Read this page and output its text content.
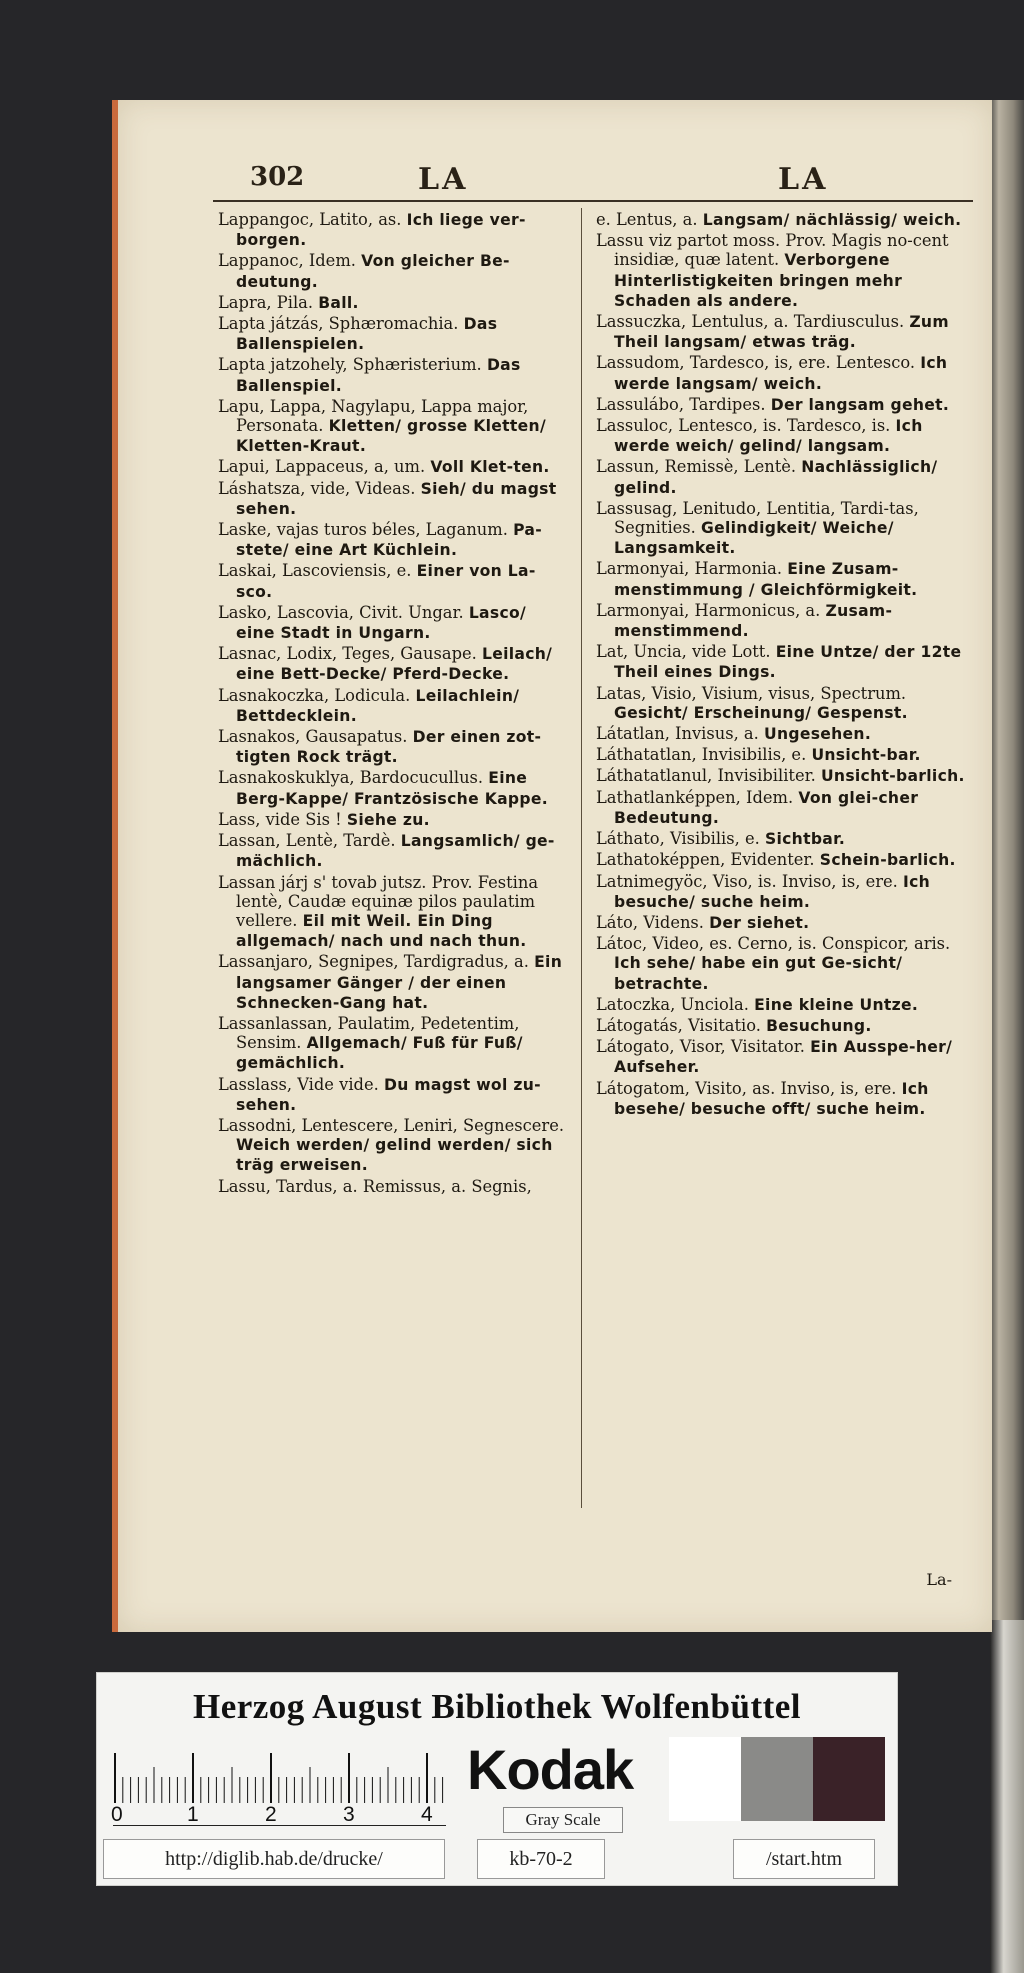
302	LA	LA
Lappangoc, Latito, as. Ich liege ver-borgen.
Lappanoc, Idem. Von gleicher Be-deutung.
Lapra, Pila. Ball.
Lapta játzás, Sphæromachia. Das Ballenspielen.
Lapta jatzohely, Sphæristerium. Das Ballenspiel.
Lapu, Lappa, Nagylapu, Lappa major, Personata. Kletten/ grosse Kletten/ Kletten-Kraut.
Lapui, Lappaceus, a, um. Voll Klet-ten.
Láshatsza, vide, Videas. Sieh/ du magst sehen.
Laske, vajas turos béles, Laganum. Pa-stete/ eine Art Küchlein.
Laskai, Lascoviensis, e. Einer von La-sco.
Lasko, Lascovia, Civit. Ungar. Lasco/ eine Stadt in Ungarn.
Lasnac, Lodix, Teges, Gausape. Leilach/ eine Bett-Decke/ Pferd-Decke.
Lasnakoczka, Lodicula. Leilachlein/ Bettdecklein.
Lasnakos, Gausapatus. Der einen zot-tigten Rock trägt.
Lasnakoskuklya, Bardocucullus. Eine Berg-Kappe/ Frantzösische Kappe.
Lass, vide Sis ! Siehe zu.
Lassan, Lentè, Tardè. Langsamlich/ ge-mächlich.
Lassan járj s' tovab jutsz. Prov. Festina lentè, Caudæ equinæ pilos paulatim vellere. Eil mit Weil. Ein Ding allgemach/ nach und nach thun.
Lassanjaro, Segnipes, Tardigradus, a. Ein langsamer Gänger / der einen Schnecken-Gang hat.
Lassanlassan, Paulatim, Pedetentim, Sensim. Allgemach/ Fuß für Fuß/ gemächlich.
Lasslass, Vide vide. Du magst wol zu-sehen.
Lassodni, Lentescere, Leniri, Segnescere. Weich werden/ gelind werden/ sich träg erweisen.
Lassu, Tardus, a. Remissus, a. Segnis,
e. Lentus, a. Langsam/ nächlässig/ weich.
Lassu viz partot moss. Prov. Magis no-cent insidiæ, quæ latent. Verborgene Hinterlistigkeiten bringen mehr Schaden als andere.
Lassuczka, Lentulus, a. Tardiusculus. Zum Theil langsam/ etwas träg.
Lassudom, Tardesco, is, ere. Lentesco. Ich werde langsam/ weich.
Lassulábo, Tardipes. Der langsam gehet.
Lassuloc, Lentesco, is. Tardesco, is. Ich werde weich/ gelind/ langsam.
Lassun, Remissè, Lentè. Nachlässiglich/ gelind.
Lassusag, Lenitudo, Lentitia, Tardi-tas, Segnities. Gelindigkeit/ Weiche/ Langsamkeit.
Larmonyai, Harmonia. Eine Zusam-menstimmung / Gleichförmigkeit.
Larmonyai, Harmonicus, a. Zusam-menstimmend.
Lat, Uncia, vide Lott. Eine Untze/ der 12te Theil eines Dings.
Latas, Visio, Visium, visus, Spectrum. Gesicht/ Erscheinung/ Gespenst.
Látatlan, Invisus, a. Ungesehen.
Láthatatlan, Invisibilis, e. Unsicht-bar.
Láthatatlanul, Invisibiliter. Unsicht-barlich.
Lathatlanképpen, Idem. Von glei-cher Bedeutung.
Láthato, Visibilis, e. Sichtbar.
Lathatoképpen, Evidenter. Schein-barlich.
Latnimegyöc, Viso, is. Inviso, is, ere. Ich besuche/ suche heim.
Láto, Videns. Der siehet.
Látoc, Video, es. Cerno, is. Conspicor, aris. Ich sehe/ habe ein gut Ge-sicht/ betrachte.
Latoczka, Unciola. Eine kleine Untze.
Látogatás, Visitatio. Besuchung.
Látogato, Visor, Visitator. Ein Ausspe-her/ Aufseher.
Látogatom, Visito, as. Inviso, is, ere. Ich besehe/ besuche offt/ suche heim.
La-
Herzog August Bibliothek Wolfenbüttel
0	1	2	3	4
Kodak
Gray Scale
http://diglib.hab.de/drucke/	kb-70-2	/start.htm
